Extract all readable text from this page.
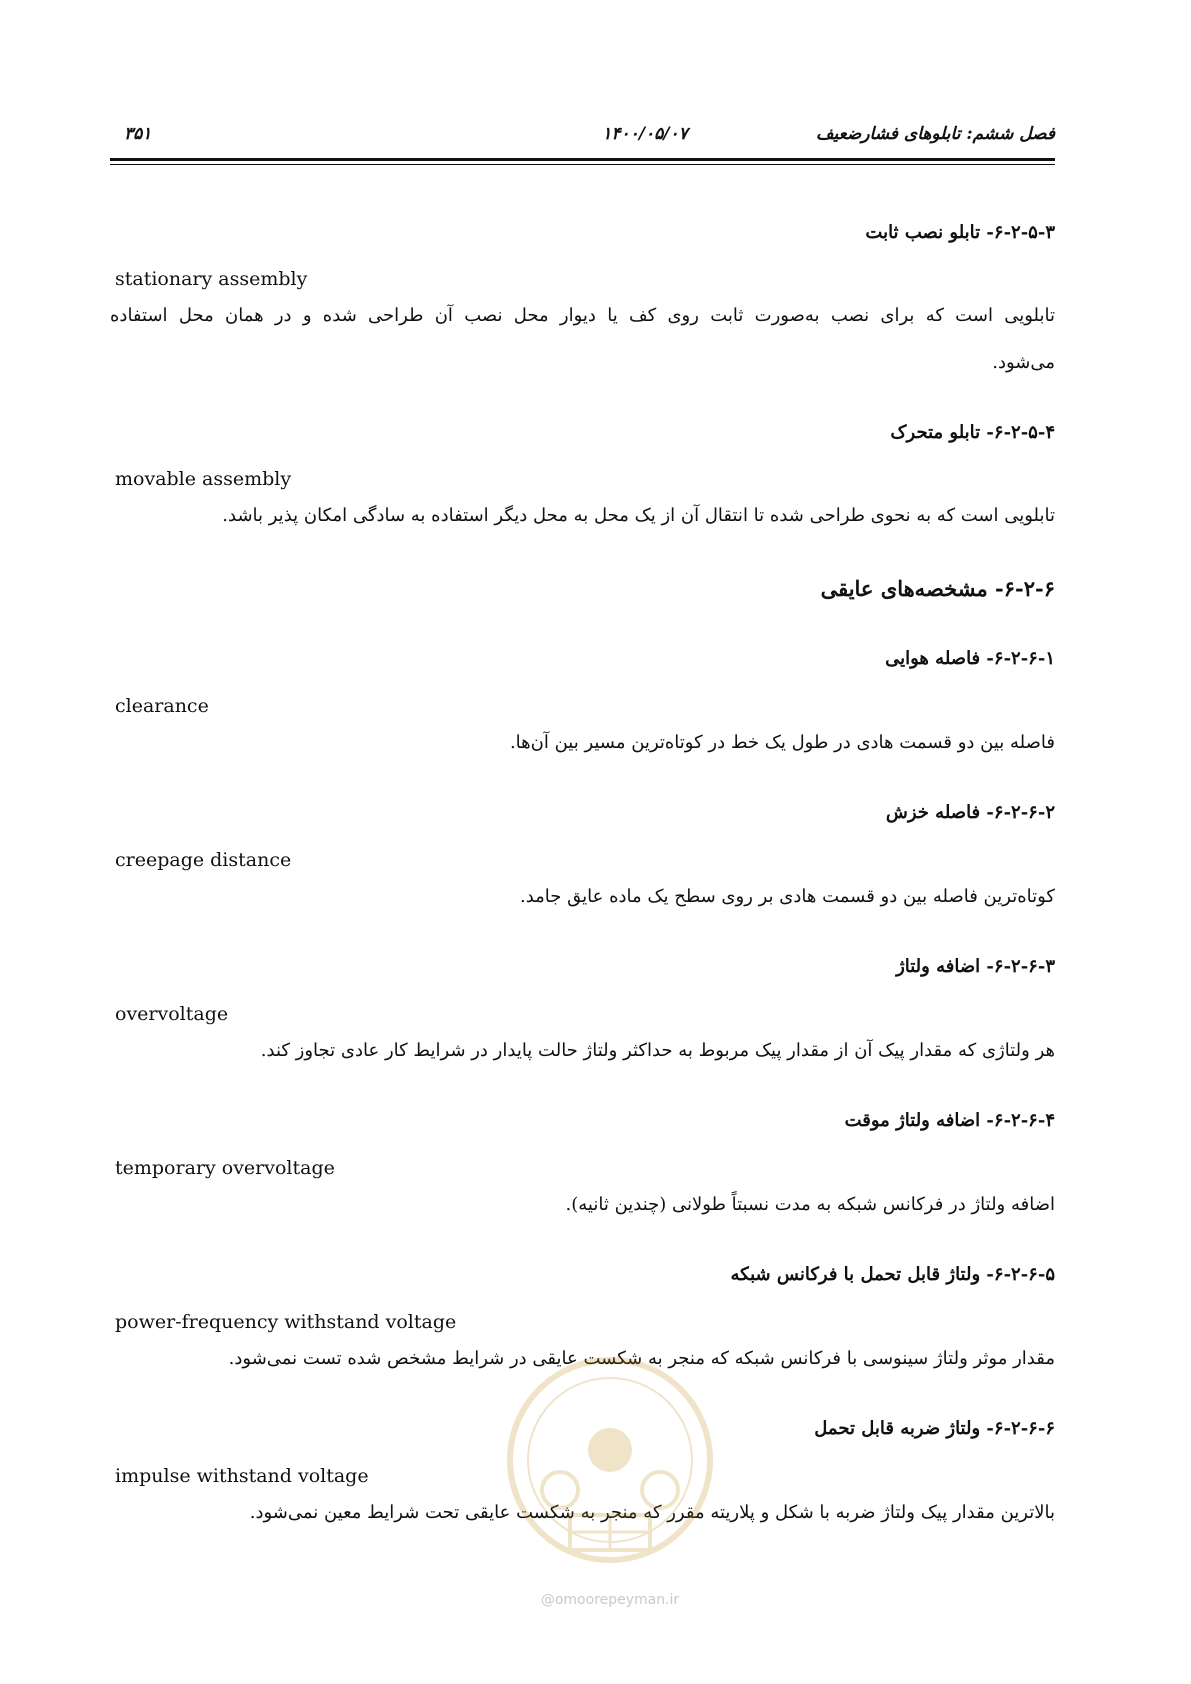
فصل ششم: تابلوهای فشارضعیف
۱۴۰۰/۰۵/۰۷
۳۵۱
۶-۲-۵-۳- تابلو نصب ثابت
stationary assembly
تابلویی است که برای نصب به‌صورت ثابت روی کف یا دیوار محل نصب آن طراحی شده و در همان محل استفاده
می‌شود.
۶-۲-۵-۴- تابلو متحرک
movable assembly
تابلویی است که به نحوی طراحی شده تا انتقال آن از یک محل به محل دیگر استفاده به سادگی امکان پذیر باشد.
۶-۲-۶- مشخصه‌های عایقی
۶-۲-۶-۱- فاصله هوایی
clearance
فاصله بین دو قسمت هادی در طول یک خط در کوتاه‌ترین مسیر بین آن‌ها.
۶-۲-۶-۲- فاصله خزش
creepage distance
کوتاه‌ترین فاصله بین دو قسمت هادی بر روی سطح یک ماده عایق جامد.
۶-۲-۶-۳- اضافه ولتاژ
overvoltage
هر ولتاژی که مقدار پیک آن از مقدار پیک مربوط به حداکثر ولتاژ حالت پایدار در شرایط کار عادی تجاوز کند.
۶-۲-۶-۴- اضافه ولتاژ موقت
temporary overvoltage
اضافه ولتاژ در فرکانس شبکه به مدت نسبتاً طولانی (چندین ثانیه).
۶-۲-۶-۵- ولتاژ قابل تحمل با فرکانس شبکه
power-frequency withstand voltage
مقدار موثر ولتاژ سینوسی با فرکانس شبکه که منجر به شکست عایقی در شرایط مشخص شده تست نمی‌شود.
۶-۲-۶-۶- ولتاژ ضربه قابل تحمل
impulse withstand voltage
بالاترین مقدار پیک ولتاژ ضربه با شکل و پلاریته مقرر که منجر به شکست عایقی تحت شرایط معین نمی‌شود.
@omoorepeyman.ir
